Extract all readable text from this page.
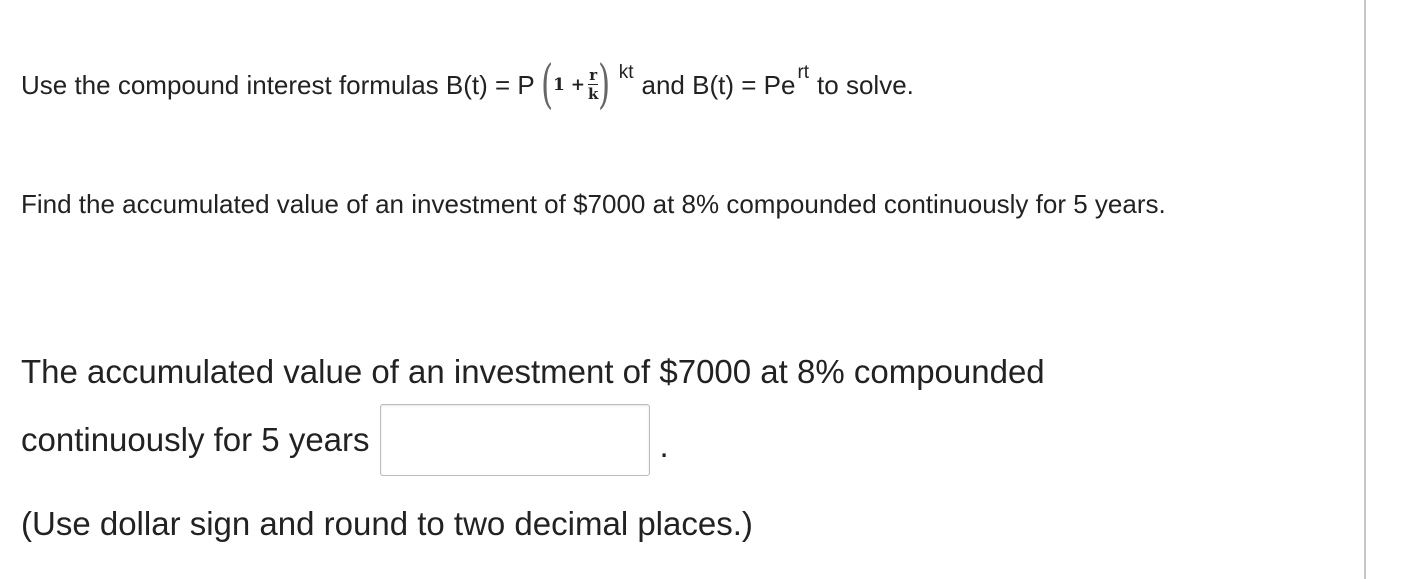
Use the compound interest formulas B(t) = P ( $1 + \frac{r}{k}$ ) kt and B(t) = Pe rt to solve.
Find the accumulated value of an investment of $7000 at 8% compounded continuously for 5 years.
The accumulated value of an investment of $7000 at 8% compounded
continuously for 5 years	.
(Use dollar sign and round to two decimal places.)
